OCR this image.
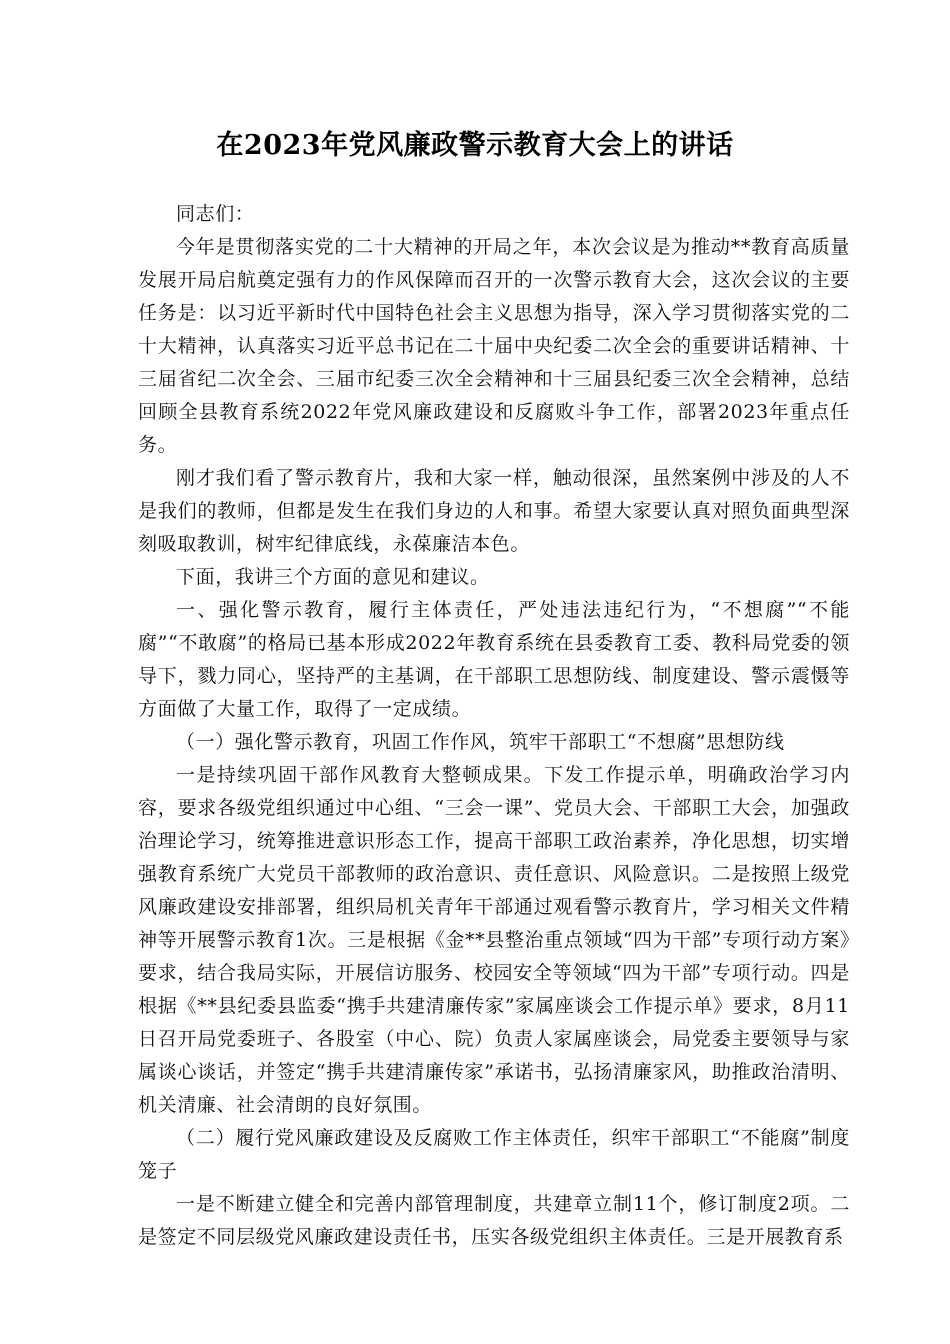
在2023年党风廉政警示教育大会上的讲话

同志们：

今年是贯彻落实党的二十大精神的开局之年，本次会议是为推动**教育高质量发展开局启航奠定强有力的作风保障而召开的一次警示教育大会，这次会议的主要任务是：以习近平新时代中国特色社会主义思想为指导，深入学习贯彻落实党的二十大精神，认真落实习近平总书记在二十届中央纪委二次全会的重要讲话精神、十三届省纪二次全会、三届市纪委三次全会精神和十三届县纪委三次全会精神，总结回顾全县教育系统2022年党风廉政建设和反腐败斗争工作，部署2023年重点任务。

刚才我们看了警示教育片，我和大家一样，触动很深，虽然案例中涉及的人不是我们的教师，但都是发生在我们身边的人和事。希望大家要认真对照负面典型深刻吸取教训，树牢纪律底线，永葆廉洁本色。

下面，我讲三个方面的意见和建议。

一、强化警示教育，履行主体责任，严处违法违纪行为，“不想腐”“不能腐”“不敢腐”的格局已基本形成2022年教育系统在县委教育工委、教科局党委的领导下，戮力同心，坚持严的主基调，在干部职工思想防线、制度建设、警示震慑等方面做了大量工作，取得了一定成绩。

（一）强化警示教育，巩固工作作风，筑牢干部职工“不想腐”思想防线

一是持续巩固干部作风教育大整顿成果。下发工作提示单，明确政治学习内容，要求各级党组织通过中心组、“三会一课”、党员大会、干部职工大会，加强政治理论学习，统筹推进意识形态工作，提高干部职工政治素养，净化思想，切实增强教育系统广大党员干部教师的政治意识、责任意识、风险意识。二是按照上级党风廉政建设安排部署，组织局机关青年干部通过观看警示教育片，学习相关文件精神等开展警示教育1次。三是根据《金**县整治重点领域“四为干部”专项行动方案》要求，结合我局实际，开展信访服务、校园安全等领域“四为干部”专项行动。四是根据《**县纪委县监委“携手共建清廉传家”家属座谈会工作提示单》要求，8月11日召开局党委班子、各股室（中心、院）负责人家属座谈会，局党委主要领导与家属谈心谈话，并签定“携手共建清廉传家”承诺书，弘扬清廉家风，助推政治清明、机关清廉、社会清朗的良好氛围。

（二）履行党风廉政建设及反腐败工作主体责任，织牢干部职工“不能腐”制度笼子

一是不断建立健全和完善内部管理制度，共建章立制11个，修订制度2项。二是签定不同层级党风廉政建设责任书，压实各级党组织主体责任。三是开展教育系
